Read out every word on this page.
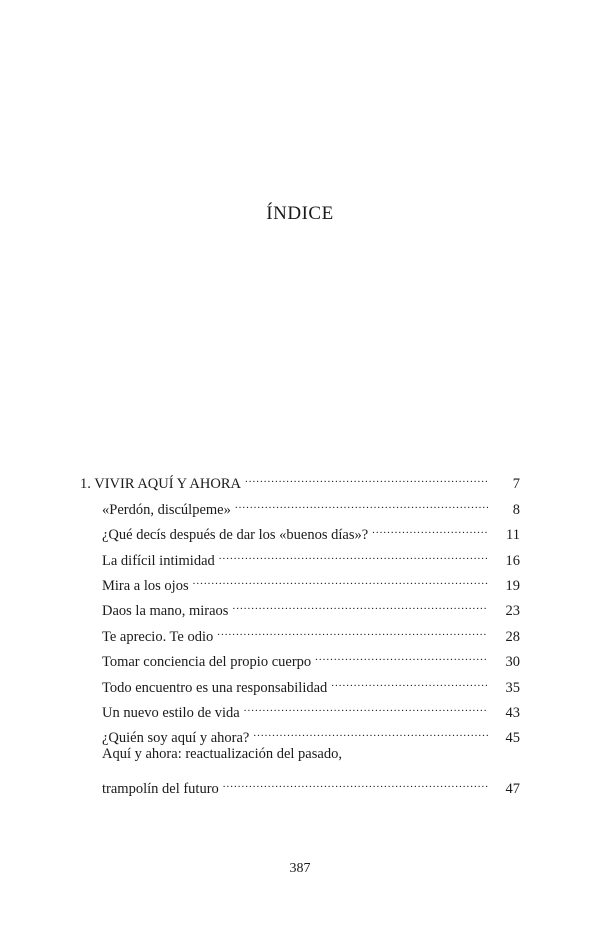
ÍNDICE
1. VIVIR AQUÍ Y AHORA .....	7
«Perdón, discúlpeme» .....	8
¿Qué decís después de dar los «buenos días»? .....	11
La difícil intimidad .....	16
Mira a los ojos .....	19
Daos la mano, miraos .....	23
Te aprecio. Te odio .....	28
Tomar conciencia del propio cuerpo .....	30
Todo encuentro es una responsabilidad .....	35
Un nuevo estilo de vida .....	43
¿Quién soy aquí y ahora? .....	45
Aquí y ahora: reactualización del pasado,
trampolín del futuro .....	47
387
